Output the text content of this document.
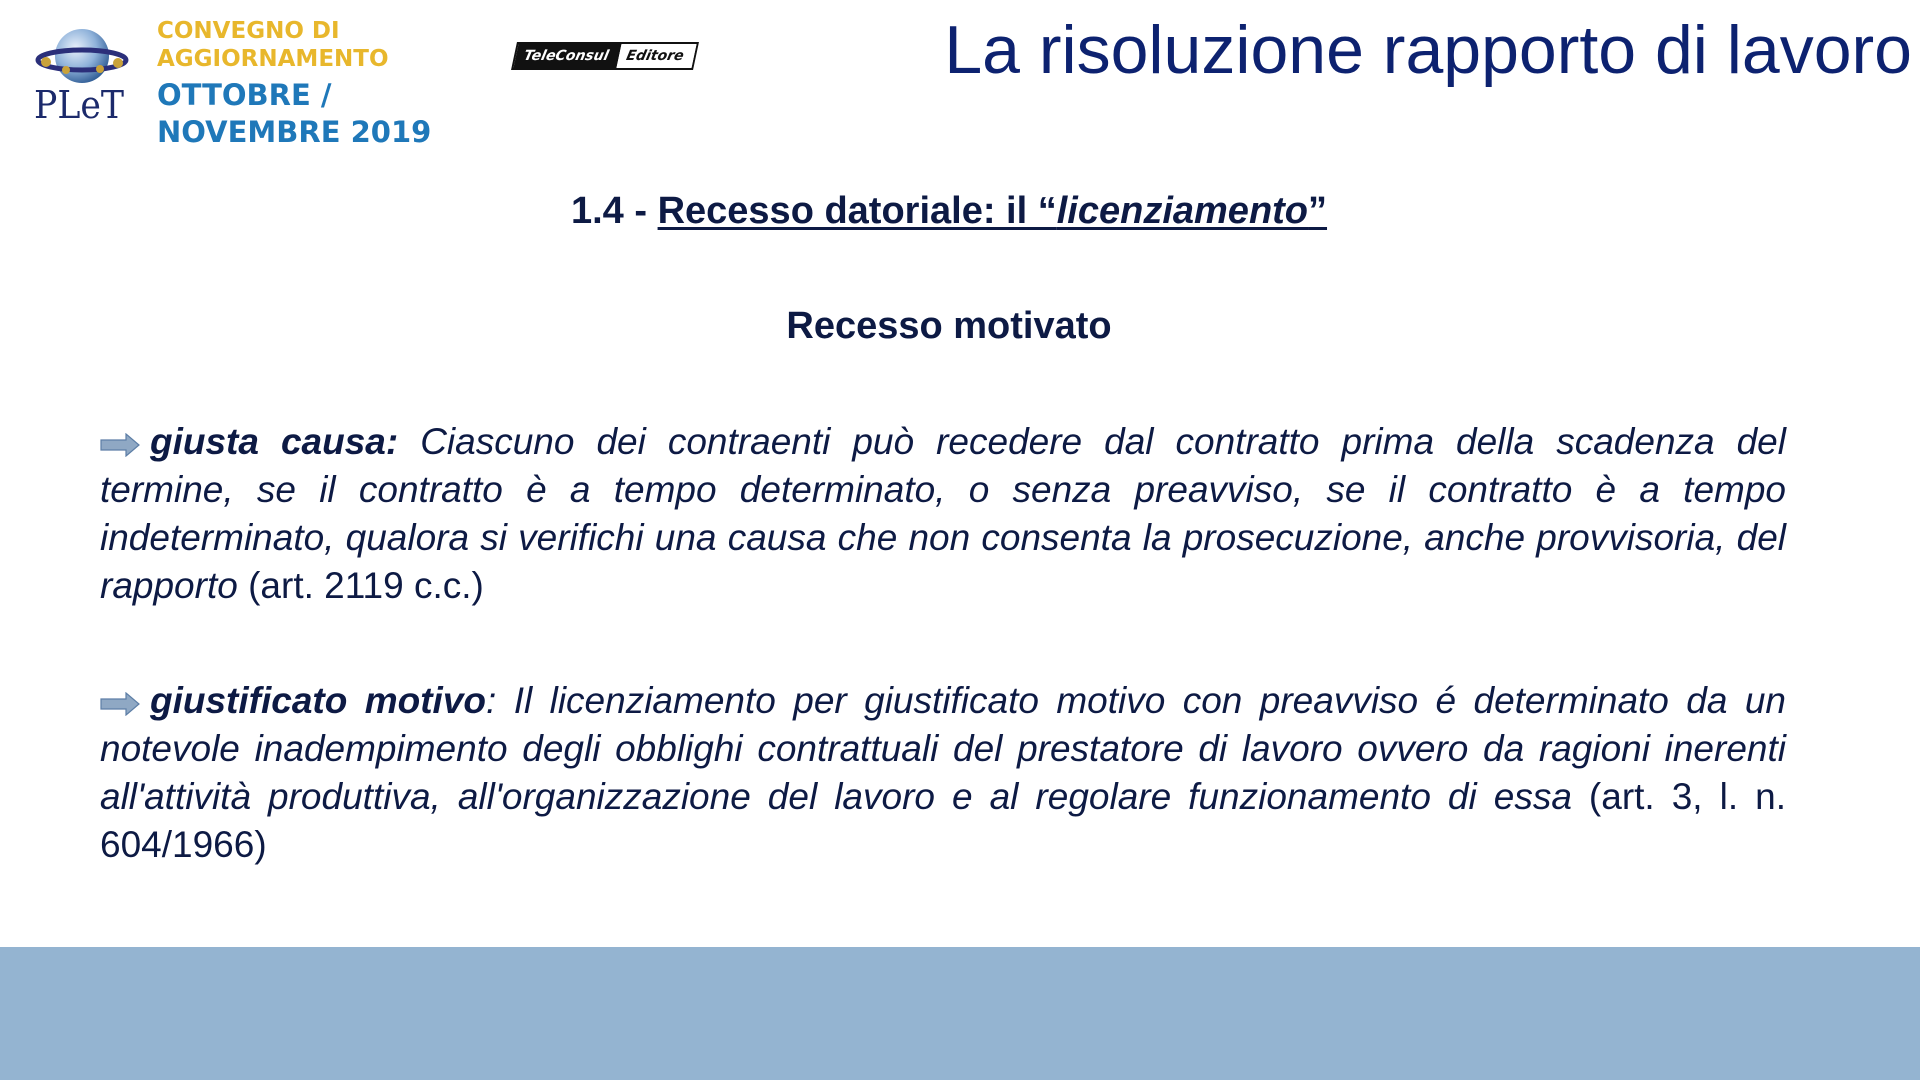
PLeT

CONVEGNO DI

AGGIORNAMENTO

OTTOBRE /

NOVEMBRE 2019

TeleConsul	Editore	La risoluzione rapporto di lavoro
1.4 - Recesso datoriale: il “licenziamento”
Recesso motivato

giusta causa: Ciascuno dei contraenti può recedere dal contratto prima della scadenza del termine, se il contratto è a tempo determinato, o senza preavviso, se il contratto è a tempo indeterminato, qualora si verifichi una causa che non consenta la prosecuzione, anche provvisoria, del rapporto (art. 2119 c.c.)

giustificato motivo: Il licenziamento per giustificato motivo con preavviso é determinato da un notevole inadempimento degli obblighi contrattuali del prestatore di lavoro ovvero da ragioni inerenti all'attività produttiva, all'organizzazione del lavoro e al regolare funzionamento di essa (art. 3, l. n. 604/1966)
